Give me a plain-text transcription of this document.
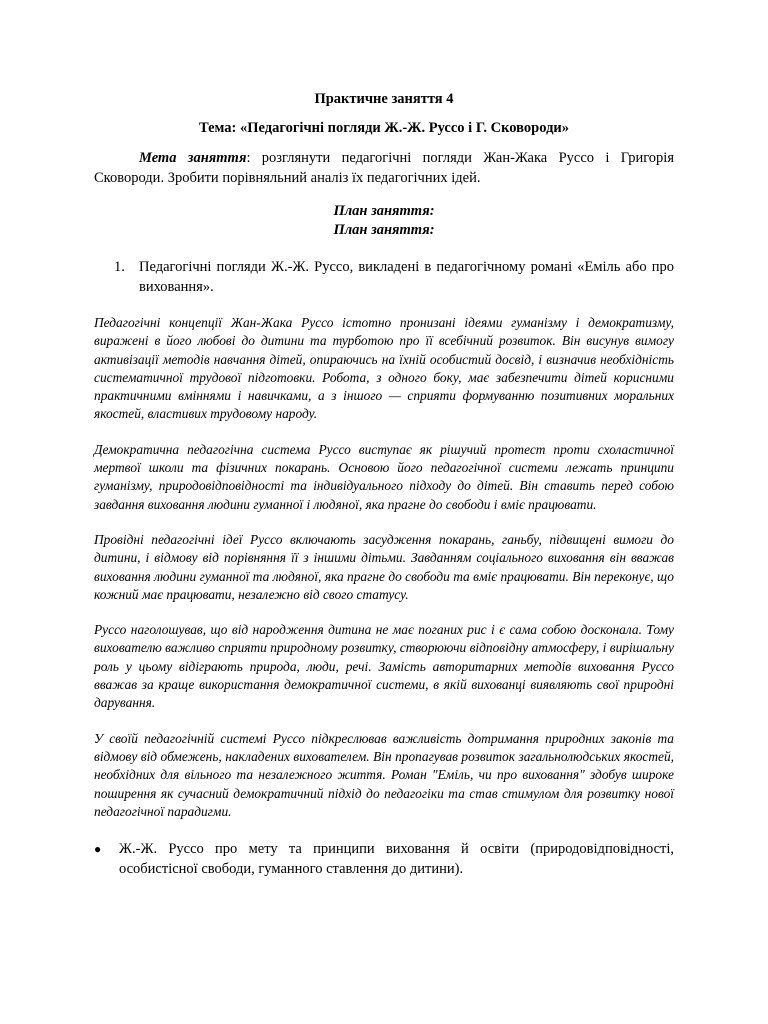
Практичне заняття 4

Тема: «Педагогічні погляди Ж.-Ж. Руссо і Г. Сковороди»

Мета заняття: розглянути педагогічні погляди Жан-Жака Руссо і Григорія Сковороди. Зробити порівняльний аналіз їх педагогічних ідей.

План заняття:

План заняття:

1. Педагогічні погляди Ж.-Ж. Руссо, викладені в педагогічному романі «Еміль або про виховання».

Педагогічні концепції Жан-Жака Руссо істотно пронизані ідеями гуманізму і демократизму, виражені в його любові до дитини та турботою про її всебічний розвиток. Він висунув вимогу активізації методів навчання дітей, опираючись на їхній особистий досвід, і визначив необхідність систематичної трудової підготовки. Робота, з одного боку, має забезпечити дітей корисними практичними вміннями і навичками, а з іншого — сприяти формуванню позитивних моральних якостей, властивих трудовому народу.

Демократична педагогічна система Руссо виступає як рішучий протест проти схоластичної мертвої школи та фізичних покарань. Основою його педагогічної системи лежать принципи гуманізму, природовідповідності та індивідуального підходу до дітей. Він ставить перед собою завдання виховання людини гуманної і людяної, яка прагне до свободи і вміє працювати.

Провідні педагогічні ідеї Руссо включають засудження покарань, ганьбу, підвищені вимоги до дитини, і відмову від порівняння її з іншими дітьми. Завданням соціального виховання він вважав виховання людини гуманної та людяної, яка прагне до свободи та вміє працювати. Він переконує, що кожний має працювати, незалежно від свого статусу.

Руссо наголошував, що від народження дитина не має поганих рис і є сама собою досконала. Тому вихователю важливо сприяти природному розвитку, створюючи відповідну атмосферу, і вирішальну роль у цьому відіграють природа, люди, речі. Замість авторитарних методів виховання Руссо вважав за краще використання демократичної системи, в якій вихованці виявляють свої природні дарування.

У своїй педагогічній системі Руссо підкреслював важливість дотримання природних законів та відмову від обмежень, накладених вихователем. Він пропагував розвиток загальнолюдських якостей, необхідних для вільного та незалежного життя. Роман "Еміль, чи про виховання" здобув широке поширення як сучасний демократичний підхід до педагогіки та став стимулом для розвитку нової педагогічної парадигми.

●	Ж.-Ж. Руссо про мету та принципи виховання й освіти (природовідповідності, особистісної свободи, гуманного ставлення до дитини).
